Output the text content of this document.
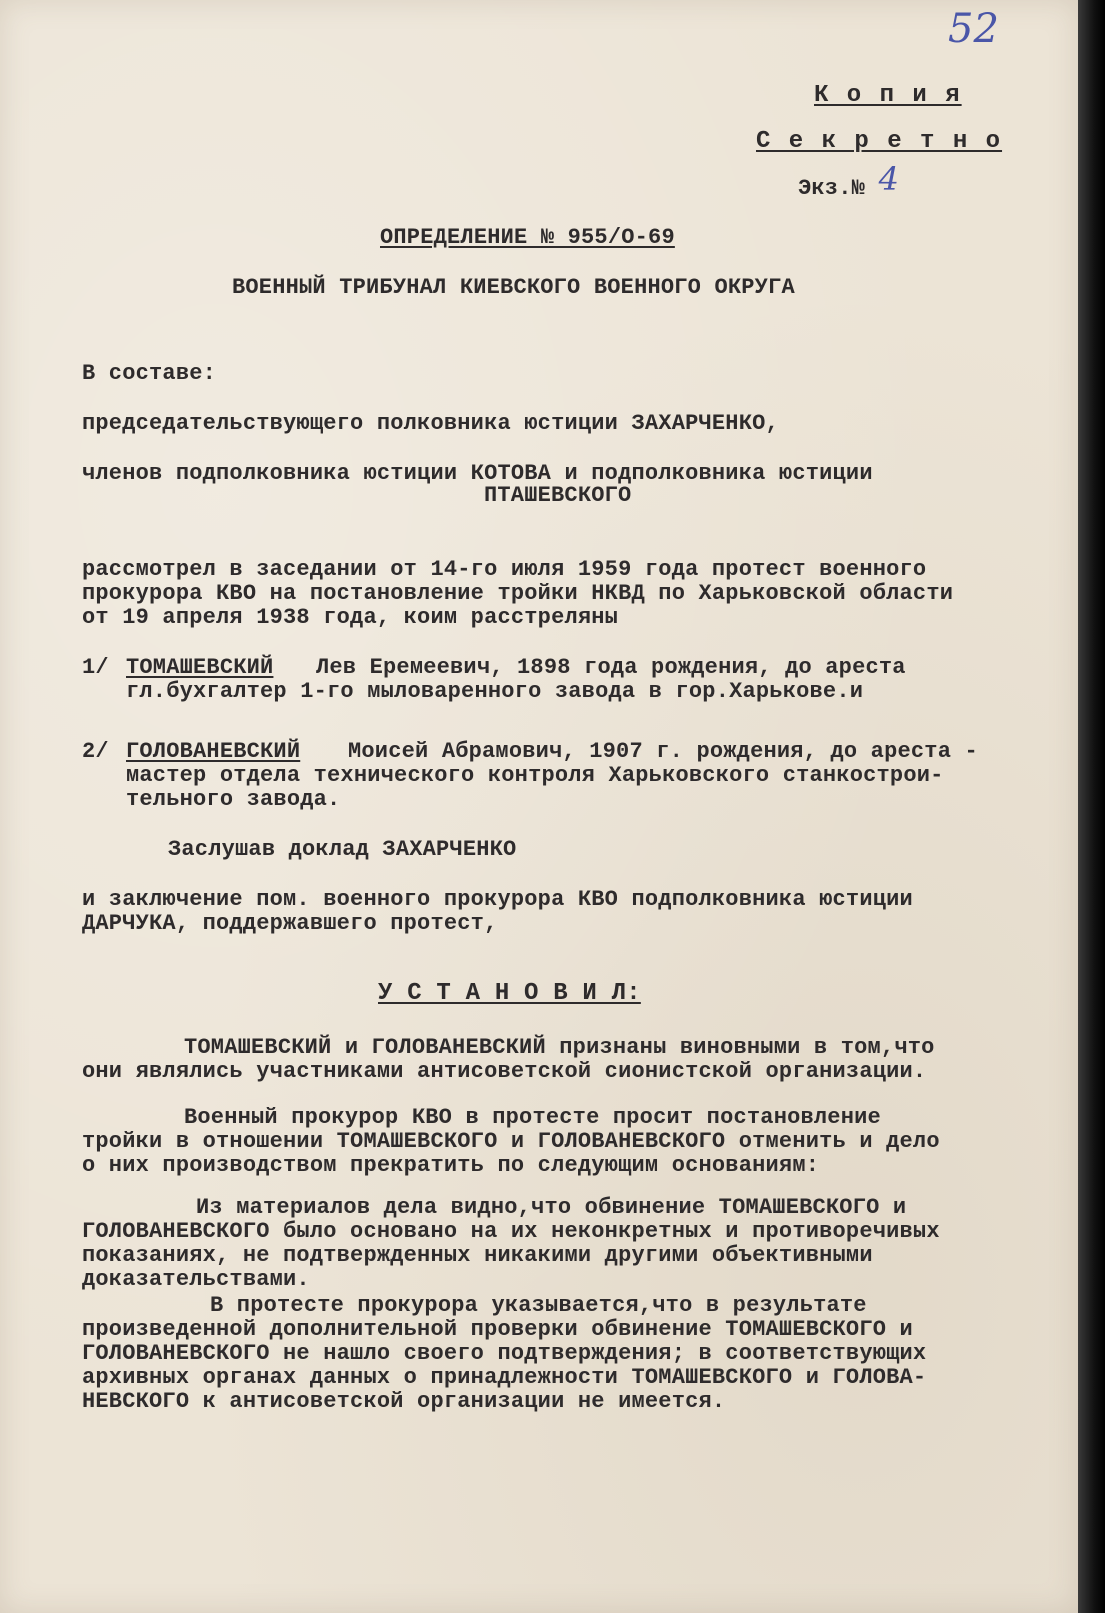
52
К о п и я
С е к р е т н о
Экз.№ 4
ОПРЕДЕЛЕНИЕ № 955/О-69
ВОЕННЫЙ ТРИБУНАЛ КИЕВСКОГО ВОЕННОГО ОКРУГА
В составе:
председательствующего полковника юстиции ЗАХАРЧЕНКО,
членов подполковника юстиции КОТОВА и подполковника юстиции
ПТАШЕВСКОГО
рассмотрел в заседании от 14-го июля 1959 года протест военного
прокурора КВО на постановление тройки НКВД по Харьковской области
от 19 апреля 1938 года, коим расстреляны
1/ ТОМАШЕВСКИЙ Лев Еремеевич, 1898 года рождения, до ареста
гл.бухгалтер 1-го мыловаренного завода в гор.Харькове.и
2/ ГОЛОВАНЕВСКИЙ Моисей Абрамович, 1907 г. рождения, до ареста -
мастер отдела технического контроля Харьковского станкострои-
тельного завода.
Заслушав доклад ЗАХАРЧЕНКО
и заключение пом. военного прокурора КВО подполковника юстиции
ДАРЧУКА, поддержавшего протест,
У С Т А Н О В И Л:
ТОМАШЕВСКИЙ и ГОЛОВАНЕВСКИЙ признаны виновными в том,что
они являлись участниками антисоветской сионистской организации.
Военный прокурор КВО в протесте просит постановление
тройки в отношении ТОМАШЕВСКОГО и ГОЛОВАНЕВСКОГО отменить и дело
о них производством прекратить по следующим основаниям:
Из материалов дела видно,что обвинение ТОМАШЕВСКОГО и
ГОЛОВАНЕВСКОГО было основано на их неконкретных и противоречивых
показаниях, не подтвержденных никакими другими объективными
доказательствами.
В протесте прокурора указывается,что в результате
произведенной дополнительной проверки обвинение ТОМАШЕВСКОГО и
ГОЛОВАНЕВСКОГО не нашло своего подтверждения; в соответствующих
архивных органах данных о принадлежности ТОМАШЕВСКОГО и ГОЛОВА-
НЕВСКОГО к антисоветской организации не имеется.
